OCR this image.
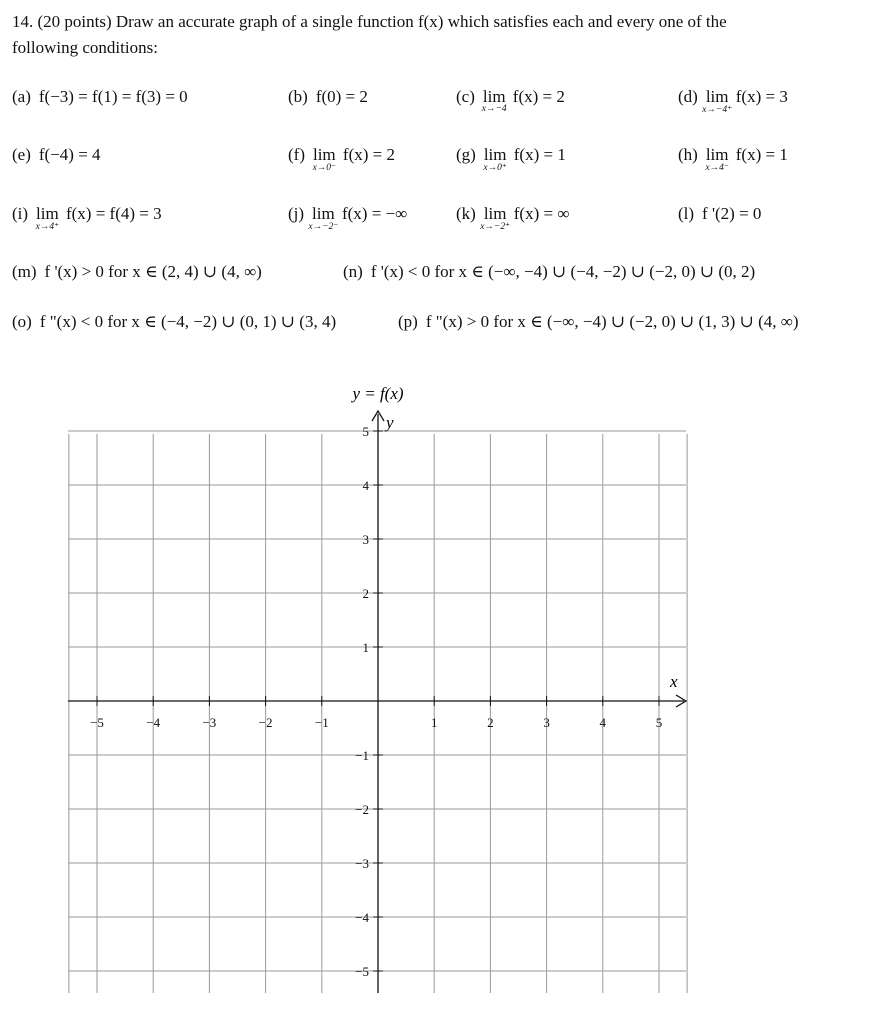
14. (20 points) Draw an accurate graph of a single function f(x) which satisfies each and every one of the
following conditions:
(a) f(−3) = f(1) = f(3) = 0	(b) f(0) = 2	(c) lim
x→−4
f(x) = 2	(d) lim
x→−4⁺
f(x) = 3
(e) f(−4) = 4	(f) lim
x→0⁻
f(x) = 2	(g) lim
x→0⁺
f(x) = 1	(h) lim
x→4⁻
f(x) = 1
(i) lim
x→4⁺
f(x) = f(4) = 3	(j) lim
x→−2⁻
f(x) = −∞	(k) lim
x→−2⁺
f(x) = ∞	(l) f '(2) = 0
(m) f '(x) > 0 for x ∈ (2, 4) ∪ (4, ∞)	(n) f '(x) < 0 for x ∈ (−∞, −4) ∪ (−4, −2) ∪ (−2, 0) ∪ (0, 2)
(o) f "(x) < 0 for x ∈ (−4, −2) ∪ (0, 1) ∪ (3, 4)	(p) f "(x) > 0 for x ∈ (−∞, −4) ∪ (−2, 0) ∪ (1, 3) ∪ (4, ∞)
−5	−4	−3	−2	−1	1	2	3	4	5
5
4
3
2
1
−1
−2
−3
−4
−5
y = f(x)
y
x
